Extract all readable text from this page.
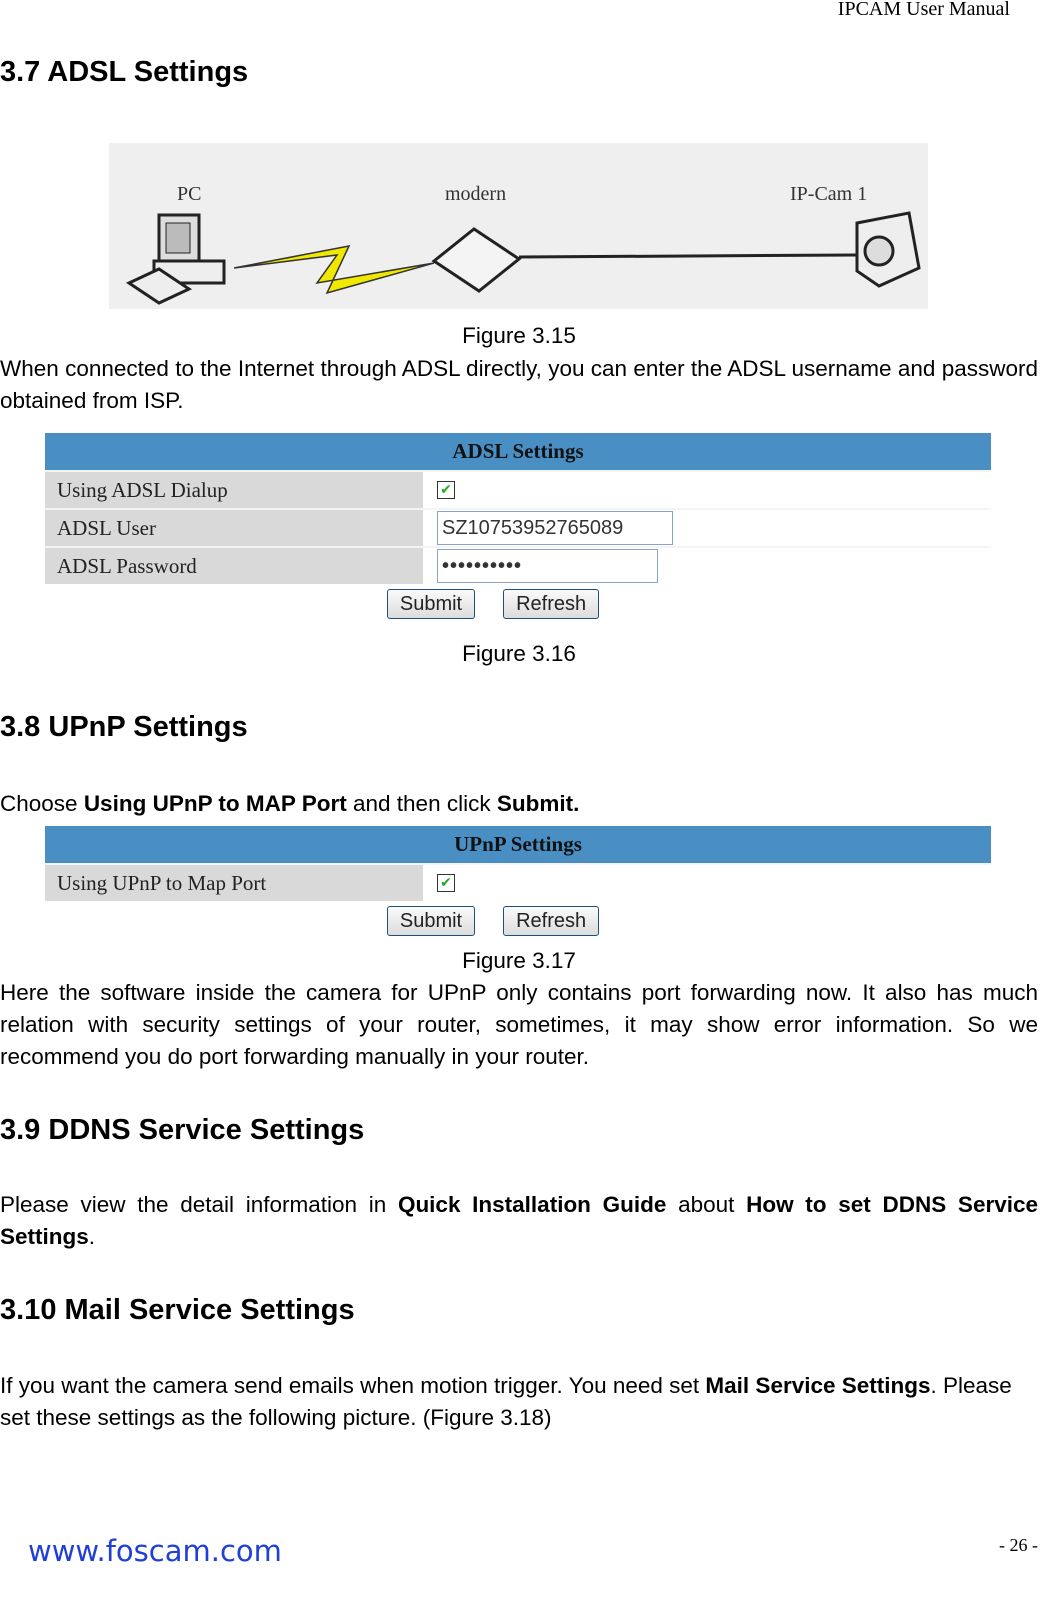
IPCAM User Manual
3.7 ADSL Settings
PC	modern	IP-Cam 1
Figure 3.15

When connected to the Internet through ADSL directly, you can enter the ADSL username and password obtained from ISP.

ADSL Settings
Using ADSL Dialup	✔
ADSL User	SZ10753952765089
ADSL Password	••••••••••
Submit	Refresh
Figure 3.16
3.8 UPnP Settings

Choose Using UPnP to MAP Port and then click Submit.

UPnP Settings
Using UPnP to Map Port	✔
Submit	Refresh
Figure 3.17

Here the software inside the camera for UPnP only contains port forwarding now. It also has much relation with security settings of your router, sometimes, it may show error information. So we recommend you do port forwarding manually in your router.

3.9 DDNS Service Settings

Please view the detail information in Quick Installation Guide about How to set DDNS Service Settings.

3.10 Mail Service Settings

If you want the camera send emails when motion trigger. You need set Mail Service Settings. Please set these settings as the following picture. (Figure 3.18)

www.foscam.com	- 26 -
